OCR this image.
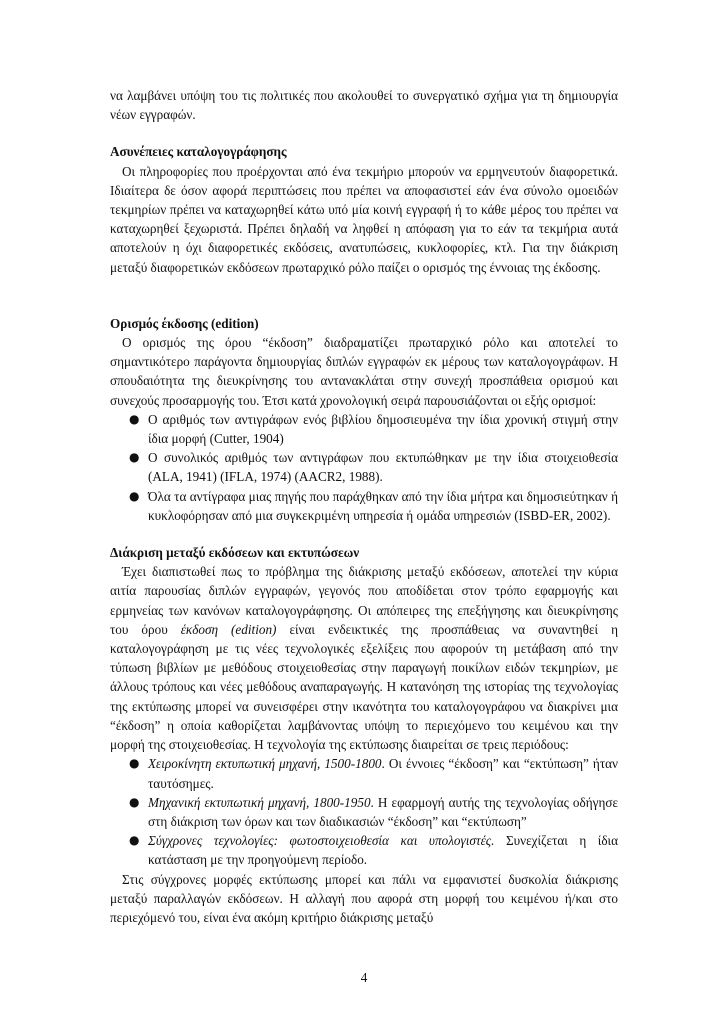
να λαμβάνει υπόψη του τις πολιτικές που ακολουθεί το συνεργατικό σχήμα για τη δημιουργία νέων εγγραφών.

Ασυνέπειες καταλογογράφησης

Οι πληροφορίες που προέρχονται από ένα τεκμήριο μπορούν να ερμηνευτούν διαφορετικά. Ιδιαίτερα δε όσον αφορά περιπτώσεις που πρέπει να αποφασιστεί εάν ένα σύνολο ομοειδών τεκμηρίων πρέπει να καταχωρηθεί κάτω υπό μία κοινή εγγραφή ή το κάθε μέρος του πρέπει να καταχωρηθεί ξεχωριστά. Πρέπει δηλαδή να ληφθεί η απόφαση για το εάν τα τεκμήρια αυτά αποτελούν η όχι διαφορετικές εκδόσεις, ανατυπώσεις, κυκλοφορίες, κτλ. Για την διάκριση μεταξύ διαφορετικών εκδόσεων πρωταρχικό ρόλο παίζει ο ορισμός της έννοιας της έκδοσης.

Ορισμός έκδοσης (edition)

Ο ορισμός της όρου “έκδοση” διαδραματίζει πρωταρχικό ρόλο και αποτελεί το σημαντικότερο παράγοντα δημιουργίας διπλών εγγραφών εκ μέρους των καταλογογράφων. Η σπουδαιότητα της διευκρίνησης του αντανακλάται στην συνεχή προσπάθεια ορισμού και συνεχούς προσαρμογής του. Έτσι κατά χρονολογική σειρά παρουσιάζονται οι εξής ορισμοί:

● Ο αριθμός των αντιγράφων ενός βιβλίου δημοσιευμένα την ίδια χρονική στιγμή στην ίδια μορφή (Cutter, 1904)
● Ο συνολικός αριθμός των αντιγράφων που εκτυπώθηκαν με την ίδια στοιχειοθεσία (ALA, 1941) (IFLA, 1974) (AACR2, 1988).
● Όλα τα αντίγραφα μιας πηγής που παράχθηκαν από την ίδια μήτρα και δημοσιεύτηκαν ή κυκλοφόρησαν από μια συγκεκριμένη υπηρεσία ή ομάδα υπηρεσιών (ISBD-ER, 2002).
Διάκριση μεταξύ εκδόσεων και εκτυπώσεων

Έχει διαπιστωθεί πως το πρόβλημα της διάκρισης μεταξύ εκδόσεων, αποτελεί την κύρια αιτία παρουσίας διπλών εγγραφών, γεγονός που αποδίδεται στον τρόπο εφαρμογής και ερμηνείας των κανόνων καταλογογράφησης. Οι απόπειρες της επεξήγησης και διευκρίνησης του όρου έκδοση (edition) είναι ενδεικτικές της προσπάθειας να συναντηθεί η καταλογογράφηση με τις νέες τεχνολογικές εξελίξεις που αφορούν τη μετάβαση από την τύπωση βιβλίων με μεθόδους στοιχειοθεσίας στην παραγωγή ποικίλων ειδών τεκμηρίων, με άλλους τρόπους και νέες μεθόδους αναπαραγωγής. Η κατανόηση της ιστορίας της τεχνολογίας της εκτύπωσης μπορεί να συνεισφέρει στην ικανότητα του καταλογογράφου να διακρίνει μια “έκδοση” η οποία καθορίζεται λαμβάνοντας υπόψη το περιεχόμενο του κειμένου και την μορφή της στοιχειοθεσίας. Η τεχνολογία της εκτύπωσης διαιρείται σε τρεις περιόδους:

● Χειροκίνητη εκτυπωτική μηχανή, 1500-1800. Οι έννοιες “έκδοση” και “εκτύπωση” ήταν ταυτόσημες.
● Μηχανική εκτυπωτική μηχανή, 1800-1950. Η εφαρμογή αυτής της τεχνολογίας οδήγησε στη διάκριση των όρων και των διαδικασιών “έκδοση” και “εκτύπωση”
● Σύγχρονες τεχνολογίες: φωτοστοιχειοθεσία και υπολογιστές. Συνεχίζεται η ίδια κατάσταση με την προηγούμενη περίοδο.

Στις σύγχρονες μορφές εκτύπωσης μπορεί και πάλι να εμφανιστεί δυσκολία διάκρισης μεταξύ παραλλαγών εκδόσεων. Η αλλαγή που αφορά στη μορφή του κειμένου ή/και στο περιεχόμενό του, είναι ένα ακόμη κριτήριο διάκρισης μεταξύ

4
